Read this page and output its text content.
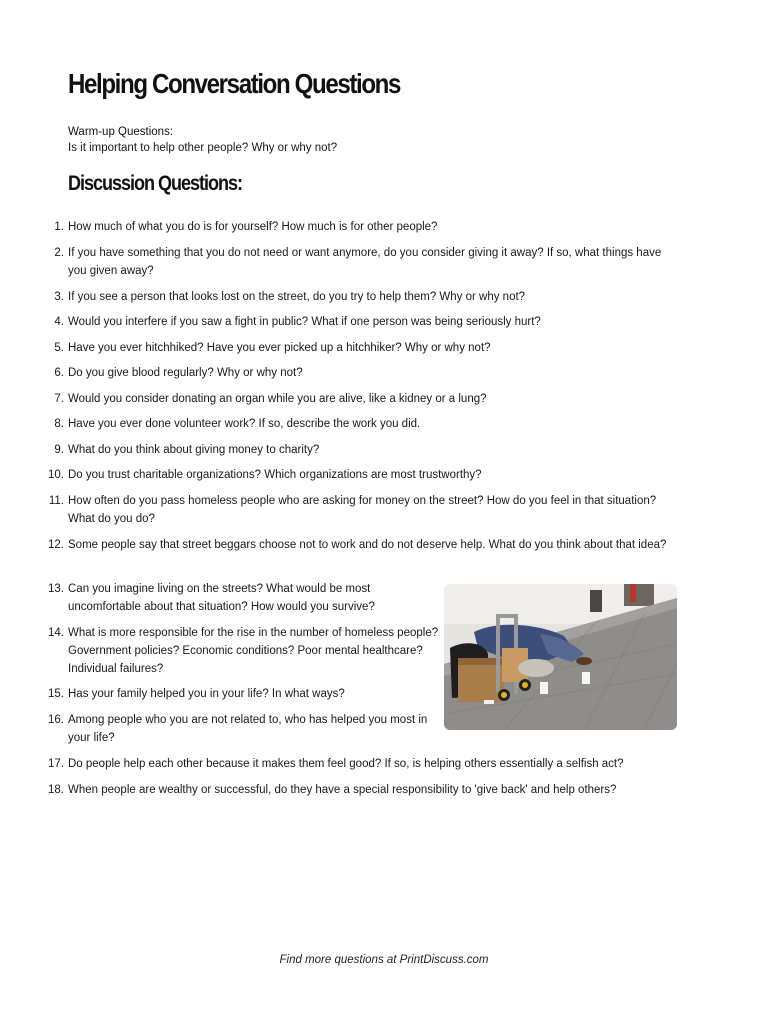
Helping Conversation Questions
Warm-up Questions:
Is it important to help other people? Why or why not?
Discussion Questions:
1. How much of what you do is for yourself? How much is for other people?
2. If you have something that you do not need or want anymore, do you consider giving it away? If so, what things have you given away?
3. If you see a person that looks lost on the street, do you try to help them? Why or why not?
4. Would you interfere if you saw a fight in public? What if one person was being seriously hurt?
5. Have you ever hitchhiked? Have you ever picked up a hitchhiker? Why or why not?
6. Do you give blood regularly? Why or why not?
7. Would you consider donating an organ while you are alive, like a kidney or a lung?
8. Have you ever done volunteer work? If so, describe the work you did.
9. What do you think about giving money to charity?
10. Do you trust charitable organizations? Which organizations are most trustworthy?
11. How often do you pass homeless people who are asking for money on the street? How do you feel in that situation? What do you do?
12. Some people say that street beggars choose not to work and do not deserve help. What do you think about that idea?
13. Can you imagine living on the streets? What would be most uncomfortable about that situation? How would you survive?
14. What is more responsible for the rise in the number of homeless people? Government policies? Economic conditions? Poor mental healthcare? Individual failures?
15. Has your family helped you in your life? In what ways?
16. Among people who you are not related to, who has helped you most in your life?
17. Do people help each other because it makes them feel good? If so, is helping others essentially a selfish act?
18. When people are wealthy or successful, do they have a special responsibility to 'give back' and help others?
Find more questions at PrintDiscuss.com
